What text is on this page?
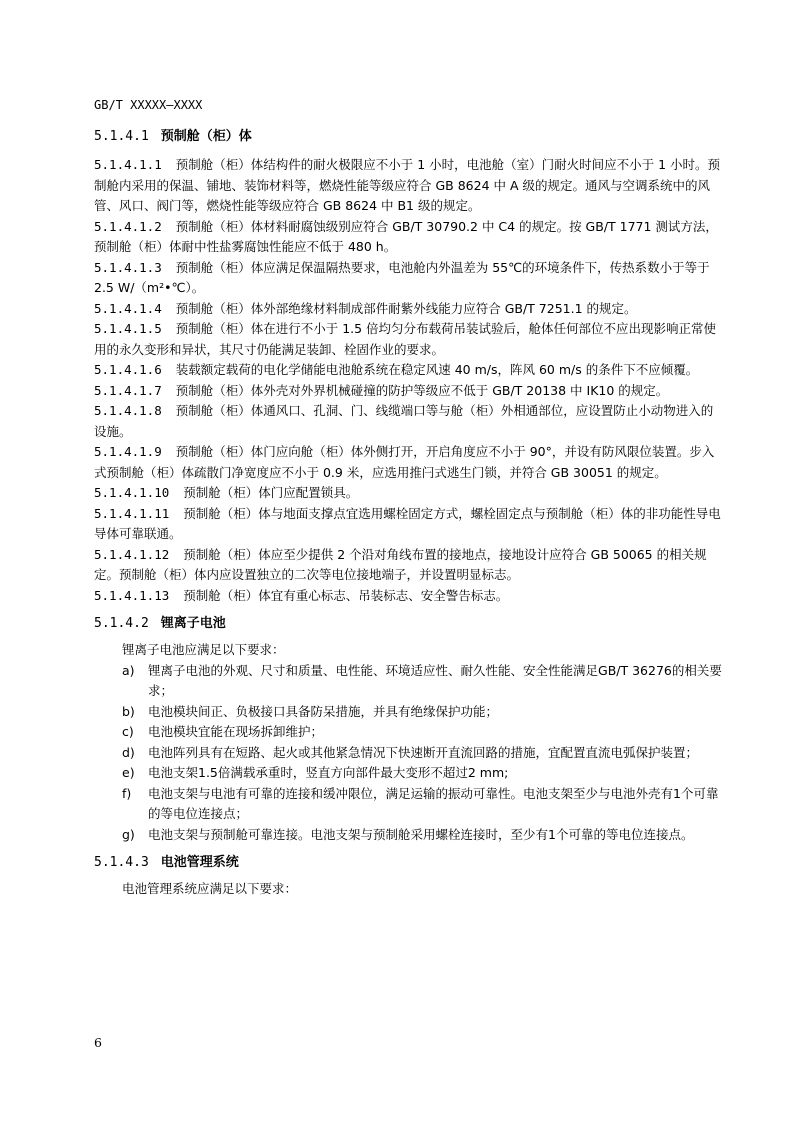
GB/T XXXXX—XXXX
5.1.4.1 预制舱（柜）体
5.1.4.1.1 预制舱（柜）体结构件的耐火极限应不小于 1 小时，电池舱（室）门耐火时间应不小于 1 小时。预制舱内采用的保温、铺地、装饰材料等，燃烧性能等级应符合 GB 8624 中 A 级的规定。通风与空调系统中的风管、风口、阀门等，燃烧性能等级应符合 GB 8624 中 B1 级的规定。
5.1.4.1.2 预制舱（柜）体材料耐腐蚀级别应符合 GB/T 30790.2 中 C4 的规定。按 GB/T 1771 测试方法，预制舱（柜）体耐中性盐雾腐蚀性能应不低于 480 h。
5.1.4.1.3 预制舱（柜）体应满足保温隔热要求，电池舱内外温差为 55℃的环境条件下，传热系数小于等于 2.5 W/（m²•℃）。
5.1.4.1.4 预制舱（柜）体外部绝缘材料制成部件耐紫外线能力应符合 GB/T 7251.1 的规定。
5.1.4.1.5 预制舱（柜）体在进行不小于 1.5 倍均匀分布载荷吊装试验后，舱体任何部位不应出现影响正常使用的永久变形和异状，其尺寸仍能满足装卸、栓固作业的要求。
5.1.4.1.6 装载额定载荷的电化学储能电池舱系统在稳定风速 40 m/s，阵风 60 m/s 的条件下不应倾覆。
5.1.4.1.7 预制舱（柜）体外壳对外界机械碰撞的防护等级应不低于 GB/T 20138 中 IK10 的规定。
5.1.4.1.8 预制舱（柜）体通风口、孔洞、门、线缆端口等与舱（柜）外相通部位，应设置防止小动物进入的设施。
5.1.4.1.9 预制舱（柜）体门应向舱（柜）体外侧打开，开启角度应不小于 90°，并设有防风限位装置。步入式预制舱（柜）体疏散门净宽度应不小于 0.9 米，应选用推闩式逃生门锁，并符合 GB 30051 的规定。
5.1.4.1.10 预制舱（柜）体门应配置锁具。
5.1.4.1.11 预制舱（柜）体与地面支撑点宜选用螺栓固定方式，螺栓固定点与预制舱（柜）体的非功能性导电导体可靠联通。
5.1.4.1.12 预制舱（柜）体应至少提供 2 个沿对角线布置的接地点，接地设计应符合 GB 50065 的相关规定。预制舱（柜）体内应设置独立的二次等电位接地端子，并设置明显标志。
5.1.4.1.13 预制舱（柜）体宜有重心标志、吊装标志、安全警告标志。
5.1.4.2 锂离子电池
锂离子电池应满足以下要求：
a) 锂离子电池的外观、尺寸和质量、电性能、环境适应性、耐久性能、安全性能满足GB/T 36276的相关要求；
b) 电池模块间正、负极接口具备防呆措施，并具有绝缘保护功能；
c) 电池模块宜能在现场拆卸维护；
d) 电池阵列具有在短路、起火或其他紧急情况下快速断开直流回路的措施，宜配置直流电弧保护装置；
e) 电池支架1.5倍满载承重时，竖直方向部件最大变形不超过2 mm;
f) 电池支架与电池有可靠的连接和缓冲限位，满足运输的振动可靠性。电池支架至少与电池外壳有1个可靠的等电位连接点；
g) 电池支架与预制舱可靠连接。电池支架与预制舱采用螺栓连接时，至少有1个可靠的等电位连接点。
5.1.4.3 电池管理系统
电池管理系统应满足以下要求：
6
